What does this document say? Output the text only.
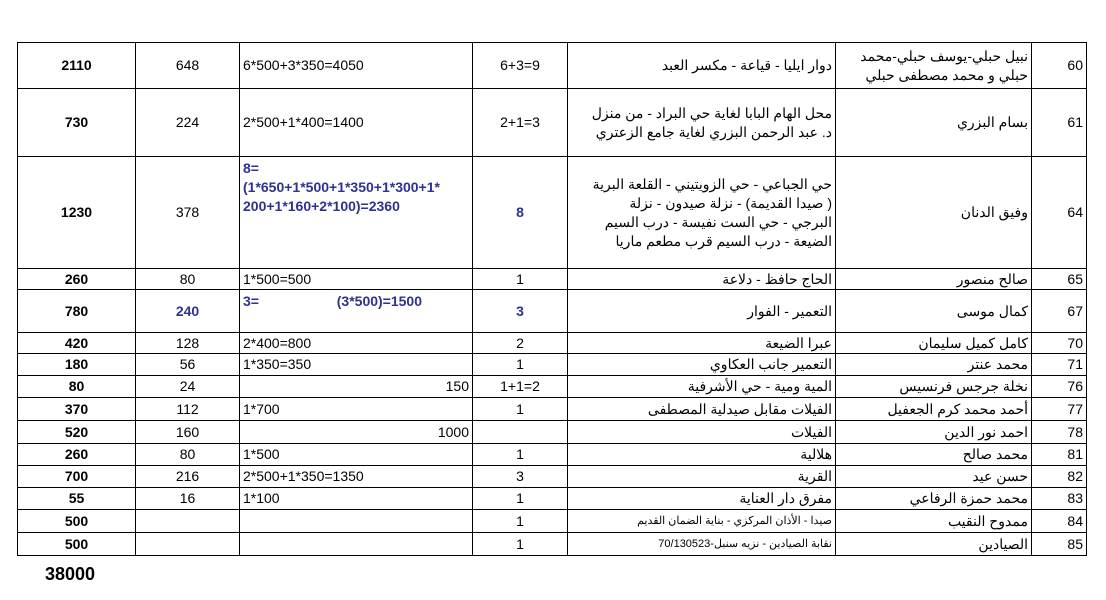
2110	648	6*500+3*350=4050	6+3=9	دوار ايليا - قياعة - مكسر العبد	نبيل حبلي-يوسف حبلي-محمد
حبلي و محمد مصطفى حبلي	60
730	224	2*500+1*400=1400	2+1=3	محل الهام البابا لغاية حي البراد - من منزل
د. عبد الرحمن البزري لغاية جامع الزعتري	بسام البزري	61
1230	378	8=
(1*650+1*500+1*350+1*300+1*
200+1*160+2*100)=2360	8	حي الجباعي - حي الزويتيني - القلعة البرية
( صيدا القديمة) - نزلة صيدون - نزلة
البرجي - حي الست نفيسة - درب السيم
الضيعة - درب السيم قرب مطعم ماريا	وفيق الدنان	64
260	80	1*500=500	1	الحاج حافظ - دلاعة	صالح منصور	65
780	240	3=                    (3*500)=1500	3	التعمير - الفوار	كمال موسى	67
420	128	2*400=800	2	عبرا الضيعة	كامل كميل سليمان	70
180	56	1*350=350	1	التعمير جانب العكاوي	محمد عنتر	71
80	24	150	1+1=2	المية ومية - حي الأشرفية	نخلة جرجس فرنسيس	76
370	112	1*700	1	الفيلات مقابل صيدلية المصطفى	أحمد محمد كرم الجعفيل	77
520	160	1000		الفيلات	احمد نور الدين	78
260	80	1*500	1	هلالية	محمد صالح	81
700	216	2*500+1*350=1350	3	القرية	حسن عيد	82
55	16	1*100	1	مفرق دار العناية	محمد حمزة الرفاعي	83
500			1	صيدا - الأذان المركزي - بناية الضمان القديم	ممدوح النقيب	84
500			1	نقابة الصيادين - نزيه سنبل-70/130523	الصيادين	85
38000
